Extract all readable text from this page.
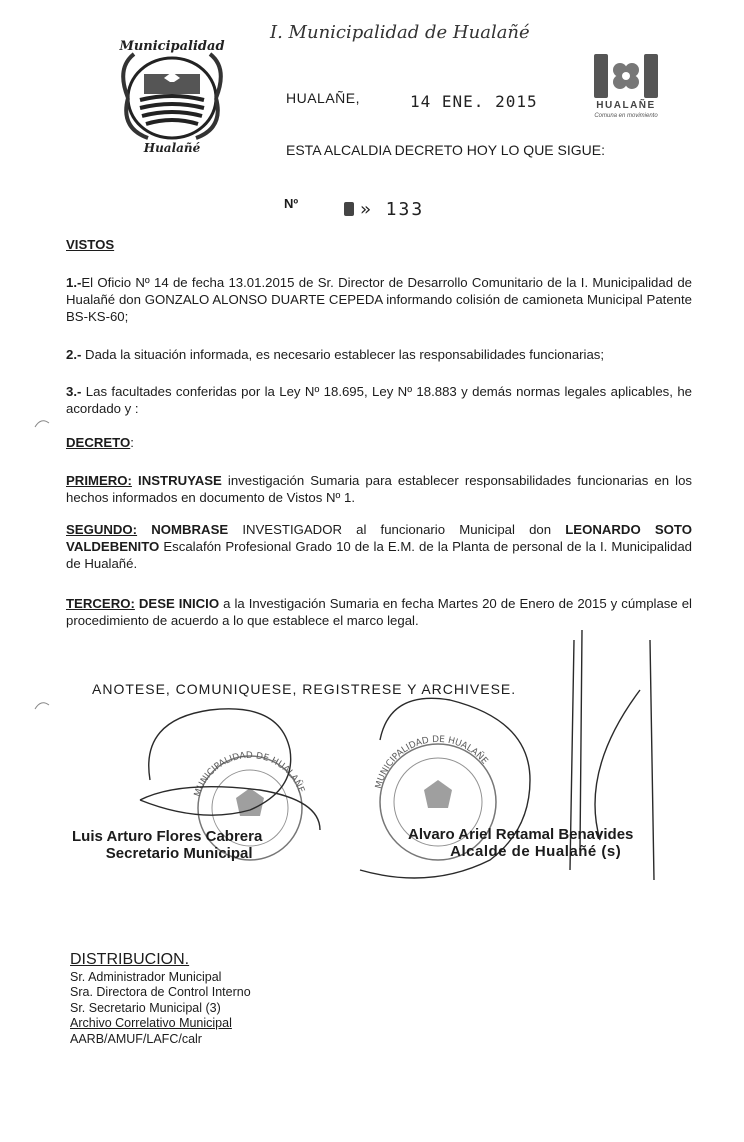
I. Municipalidad de Hualañé
Municipalidad
Hualañé
HUALAÑE
Comuna en movimiento
HUALAÑE,	14 ENE. 2015
ESTA ALCALDIA DECRETO HOY LO QUE SIGUE:
Nº	» 133
VISTOS
1.-El Oficio Nº 14 de fecha 13.01.2015 de Sr. Director de Desarrollo Comunitario de la I. Municipalidad de Hualañé don GONZALO ALONSO DUARTE CEPEDA informando colisión de camioneta Municipal Patente BS-KS-60;
2.- Dada la situación informada, es necesario establecer las responsabilidades funcionarias;
3.- Las facultades conferidas por la Ley Nº 18.695, Ley Nº 18.883 y demás normas legales aplicables, he acordado y :
DECRETO:
PRIMERO: INSTRUYASE investigación Sumaria para establecer responsabilidades funcionarias en los hechos informados en documento de Vistos Nº 1.
SEGUNDO: NOMBRASE INVESTIGADOR al funcionario Municipal don LEONARDO SOTO VALDEBENITO Escalafón Profesional Grado 10 de la E.M. de la Planta de personal de la I. Municipalidad de Hualañé.
TERCERO: DESE INICIO a la Investigación Sumaria en fecha Martes 20 de Enero de 2015 y cúmplase el procedimiento de acuerdo a lo que establece el marco legal.
ANOTESE, COMUNIQUESE, REGISTRESE Y ARCHIVESE.
MUNICIPALIDAD DE HUALAÑE	MUNICIPALIDAD DE HUALAÑE
Luis Arturo Flores Cabrera
Secretario Municipal
Alvaro Ariel Retamal Benavides
Alcalde de Hualañé (s)
DISTRIBUCION.
Sr. Administrador Municipal
Sra. Directora de Control Interno
Sr. Secretario Municipal (3)
Archivo Correlativo Municipal
AARB/AMUF/LAFC/calr
